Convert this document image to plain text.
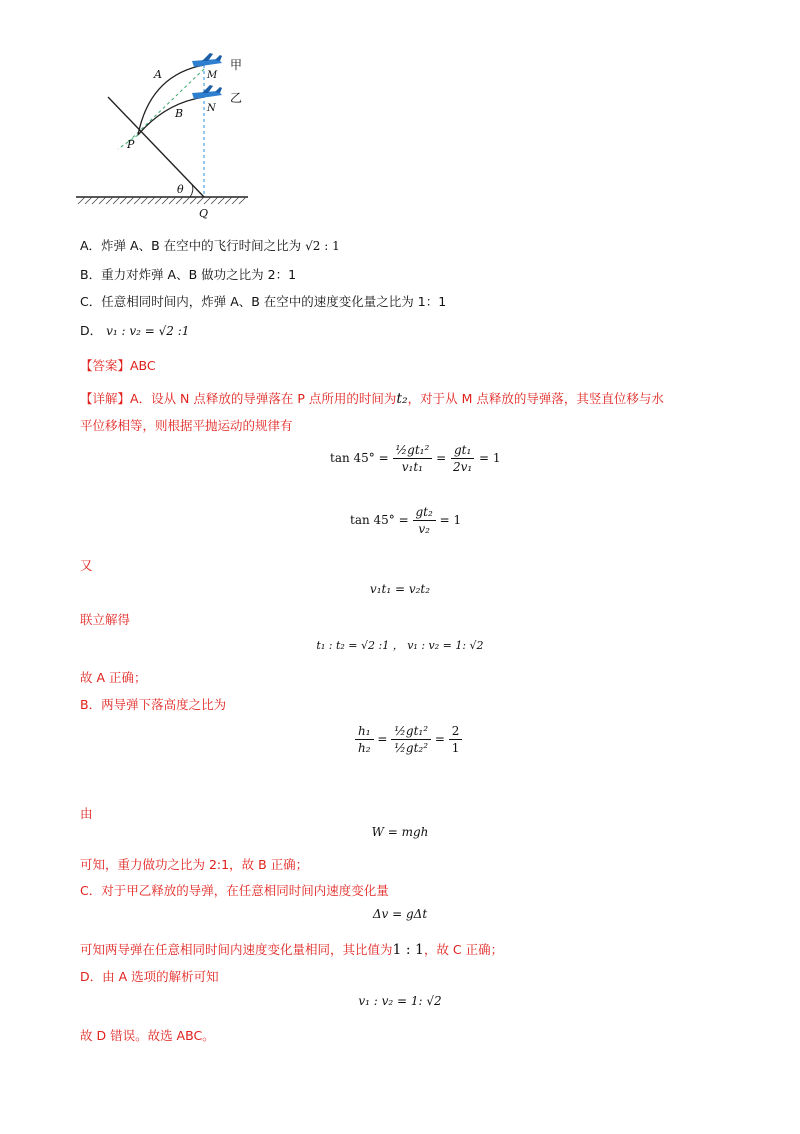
A
B
M
N
P
Q
θ
甲
乙
A．炸弹 A、B 在空中的飞行时间之比为 √2 : 1
B．重力对炸弹 A、B 做功之比为 2：1
C．任意相同时间内，炸弹 A、B 在空中的速度变化量之比为 1：1
D． v₁ : v₂ = √2 :1
【答案】ABC
【详解】A．设从 N 点释放的导弹落在 P 点所用的时间为t₂，对于从 M 点释放的导弹落，其竖直位移与水
平位移相等，则根据平抛运动的规律有
$\tan 45^\circ = \frac{\text{½gt₁²}}{\text{v₁t₁}} = \frac{\text{gt₁}}{\text{2v₁}} = 1$
$\tan 45^\circ = \frac{\text{gt₂}}{\text{v₂}} = 1$
又
v₁t₁ = v₂t₂
联立解得
t₁ : t₂ = √2 :1 ， v₁ : v₂ = 1: √2
故 A 正确；
B．两导弹下落高度之比为
$\frac{\text{h₁}}{\text{h₂}} = \frac{\text{½gt₁²}}{\text{½gt₂²}} = \frac{2}{1}$
由
W = mgh
可知，重力做功之比为 2:1，故 B 正确；
C．对于甲乙释放的导弹，在任意相同时间内速度变化量
Δv = gΔt
可知两导弹在任意相同时间内速度变化量相同，其比值为1 : 1，故 C 正确；
D．由 A 选项的解析可知
v₁ : v₂ = 1: √2
故 D 错误。故选 ABC。
